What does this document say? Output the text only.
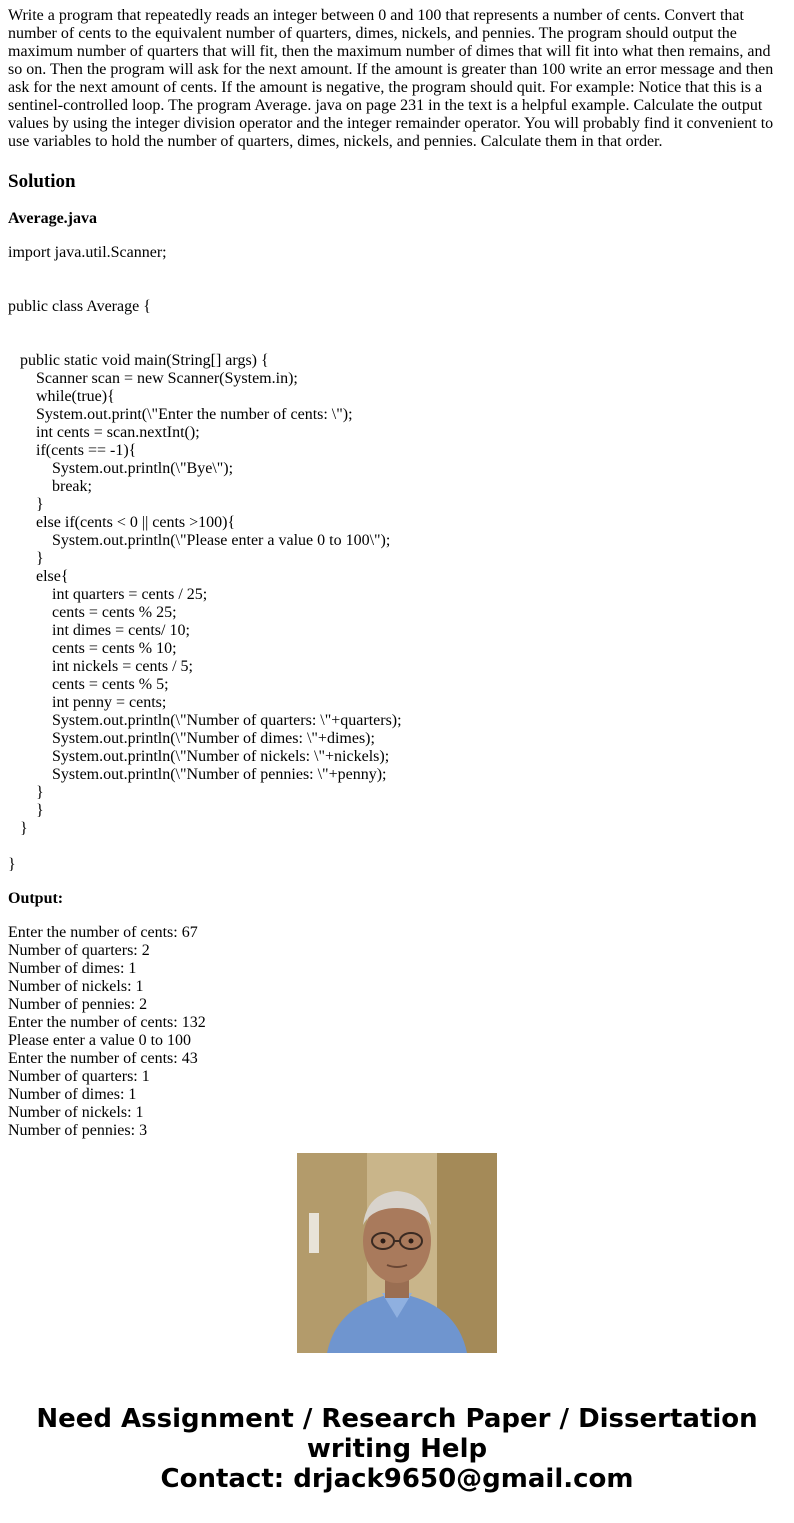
Write a program that repeatedly reads an integer between 0 and 100 that represents a number of cents. Convert that number of cents to the equivalent number of quarters, dimes, nickels, and pennies. The program should output the maximum number of quarters that will fit, then the maximum number of dimes that will fit into what then remains, and so on. Then the program will ask for the next amount. If the amount is greater than 100 write an error message and then ask for the next amount of cents. If the amount is negative, the program should quit. For example: Notice that this is a sentinel-controlled loop. The program Average. java on page 231 in the text is a helpful example. Calculate the output values by using the integer division operator and the integer remainder operator. You will probably find it convenient to use variables to hold the number of quarters, dimes, nickels, and pennies. Calculate them in that order.

Solution
Average.java
import java.util.Scanner;
public class Average {
public static void main(String[] args) {
Scanner scan = new Scanner(System.in);
while(true){
System.out.print(\"Enter the number of cents: \");
int cents = scan.nextInt();
if(cents == -1){
System.out.println(\"Bye\");
break;
}
else if(cents < 0 || cents >100){
System.out.println(\"Please enter a value 0 to 100\");
}
else{
int quarters = cents / 25;
cents = cents % 25;
int dimes = cents/ 10;
cents = cents % 10;
int nickels = cents / 5;
cents = cents % 5;
int penny = cents;
System.out.println(\"Number of quarters: \"+quarters);
System.out.println(\"Number of dimes: \"+dimes);
System.out.println(\"Number of nickels: \"+nickels);
System.out.println(\"Number of pennies: \"+penny);
}
}
}
}
Output:
Enter the number of cents: 67
Number of quarters: 2
Number of dimes: 1
Number of nickels: 1
Number of pennies: 2
Enter the number of cents: 132
Please enter a value 0 to 100
Enter the number of cents: 43
Number of quarters: 1
Number of dimes: 1
Number of nickels: 1
Number of pennies: 3
Need Assignment / Research Paper / Dissertation
writing Help
Contact: drjack9650@gmail.com
